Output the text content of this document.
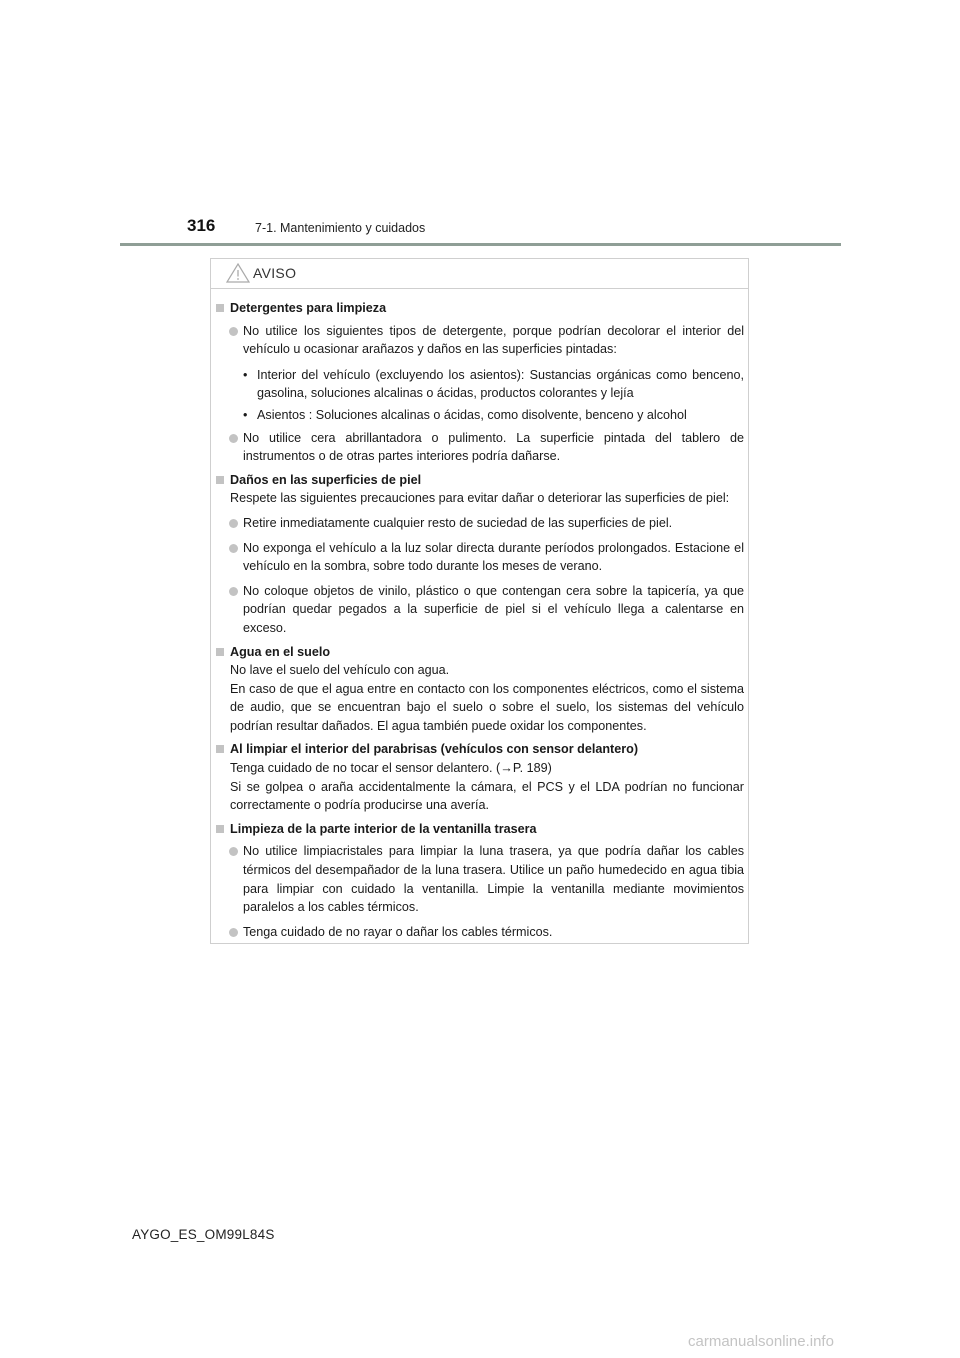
316	7-1. Mantenimiento y cuidados
AVISO
Detergentes para limpieza
No utilice los siguientes tipos de detergente, porque podrían decolorar el interior del vehículo u ocasionar arañazos y daños en las superficies pintadas:
• Interior del vehículo (excluyendo los asientos): Sustancias orgánicas como benceno, gasolina, soluciones alcalinas o ácidas, productos colorantes y lejía
• Asientos : Soluciones alcalinas o ácidas, como disolvente, benceno y alcohol
No utilice cera abrillantadora o pulimento. La superficie pintada del tablero de instrumentos o de otras partes interiores podría dañarse.
Daños en las superficies de piel
Respete las siguientes precauciones para evitar dañar o deteriorar las superficies de piel:
Retire inmediatamente cualquier resto de suciedad de las superficies de piel.
No exponga el vehículo a la luz solar directa durante períodos prolongados. Estacione el vehículo en la sombra, sobre todo durante los meses de verano.
No coloque objetos de vinilo, plástico o que contengan cera sobre la tapicería, ya que podrían quedar pegados a la superficie de piel si el vehículo llega a calentarse en exceso.
Agua en el suelo
No lave el suelo del vehículo con agua.
En caso de que el agua entre en contacto con los componentes eléctricos, como el sistema de audio, que se encuentran bajo el suelo o sobre el suelo, los sistemas del vehículo podrían resultar dañados. El agua también puede oxidar los componentes.
Al limpiar el interior del parabrisas (vehículos con sensor delantero)
Tenga cuidado de no tocar el sensor delantero. (→P. 189)
Si se golpea o araña accidentalmente la cámara, el PCS y el LDA podrían no funcionar correctamente o podría producirse una avería.
Limpieza de la parte interior de la ventanilla trasera
No utilice limpiacristales para limpiar la luna trasera, ya que podría dañar los cables térmicos del desempañador de la luna trasera. Utilice un paño humedecido en agua tibia para limpiar con cuidado la ventanilla. Limpie la ventanilla mediante movimientos paralelos a los cables térmicos.
Tenga cuidado de no rayar o dañar los cables térmicos.
AYGO_ES_OM99L84S
carmanualsonline.info
